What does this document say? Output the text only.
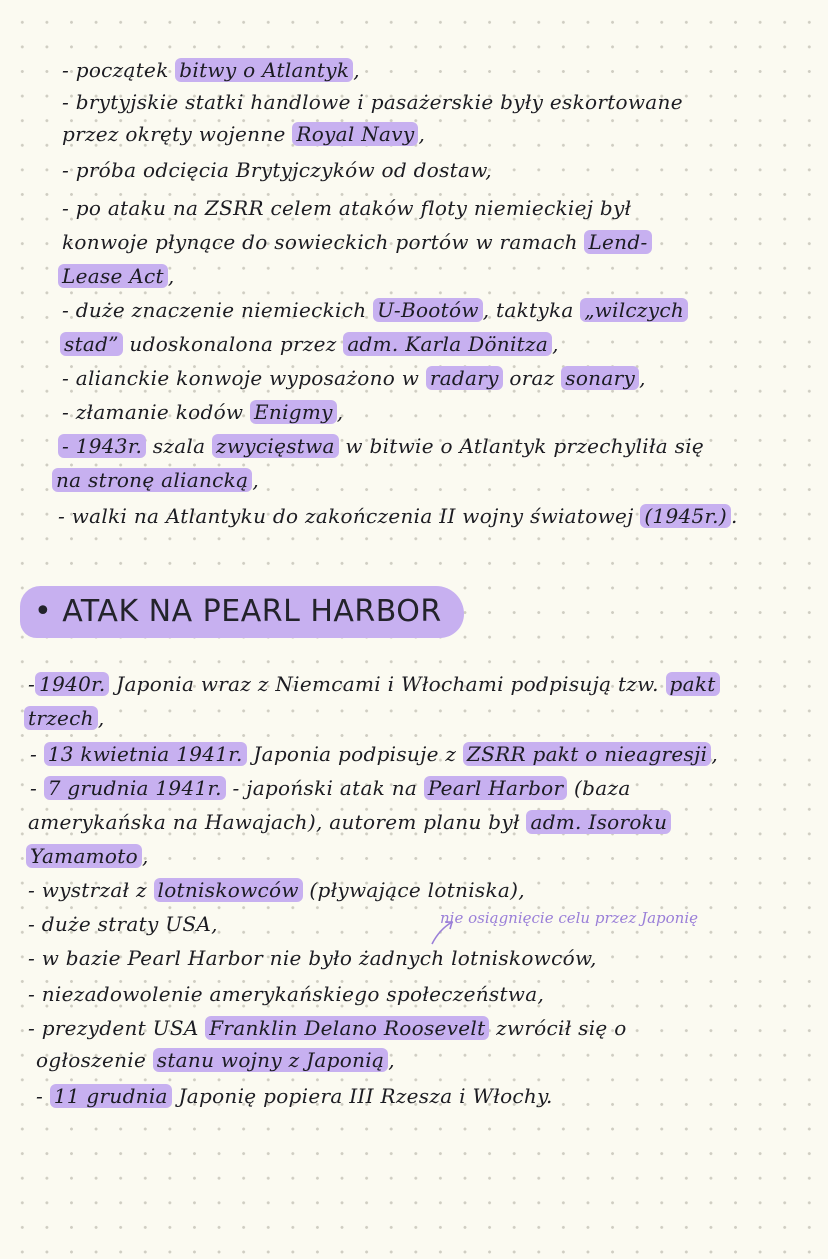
- początek bitwy o Atlantyk ,
- brytyjskie statki handlowe i pasażerskie były eskortowane
przez okręty wojenne Royal Navy ,
- próba odcięcia Brytyjczyków od dostaw,
- po ataku na ZSRR celem ataków floty niemieckiej był
konwoje płynące do sowieckich portów w ramach Lend-
Lease Act ,
- duże znaczenie niemieckich U-Bootów , taktyka „wilczych
stad” udoskonalona przez adm. Karla Dönitza ,
- alianckie konwoje wyposażono w radary oraz sonary ,
- złamanie kodów Enigmy ,
- 1943r. szala zwycięstwa w bitwie o Atlantyk przechyliła się
na stronę aliancką ,
- walki na Atlantyku do zakończenia II wojny światowej (1945r.) .
• ATAK NA PEARL HARBOR
- 1940r. Japonia wraz z Niemcami i Włochami podpisują tzw. pakt
trzech ,
- 13 kwietnia 1941r. Japonia podpisuje z ZSRR pakt o nieagresji ,
- 7 grudnia 1941r. - japoński atak na Pearl Harbor (baza
amerykańska na Hawajach), autorem planu był adm. Isoroku
Yamamoto ,
- wystrzał z lotniskowców (pływające lotniska),
- duże straty USA,
- w bazie Pearl Harbor nie było żadnych lotniskowców,
- niezadowolenie amerykańskiego społeczeństwa,
- prezydent USA Franklin Delano Roosevelt zwrócił się o
ogłoszenie stanu wojny z Japonią ,
- 11 grudnia Japonię popiera III Rzesza i Włochy.
nie osiągnięcie celu przez Japonię
